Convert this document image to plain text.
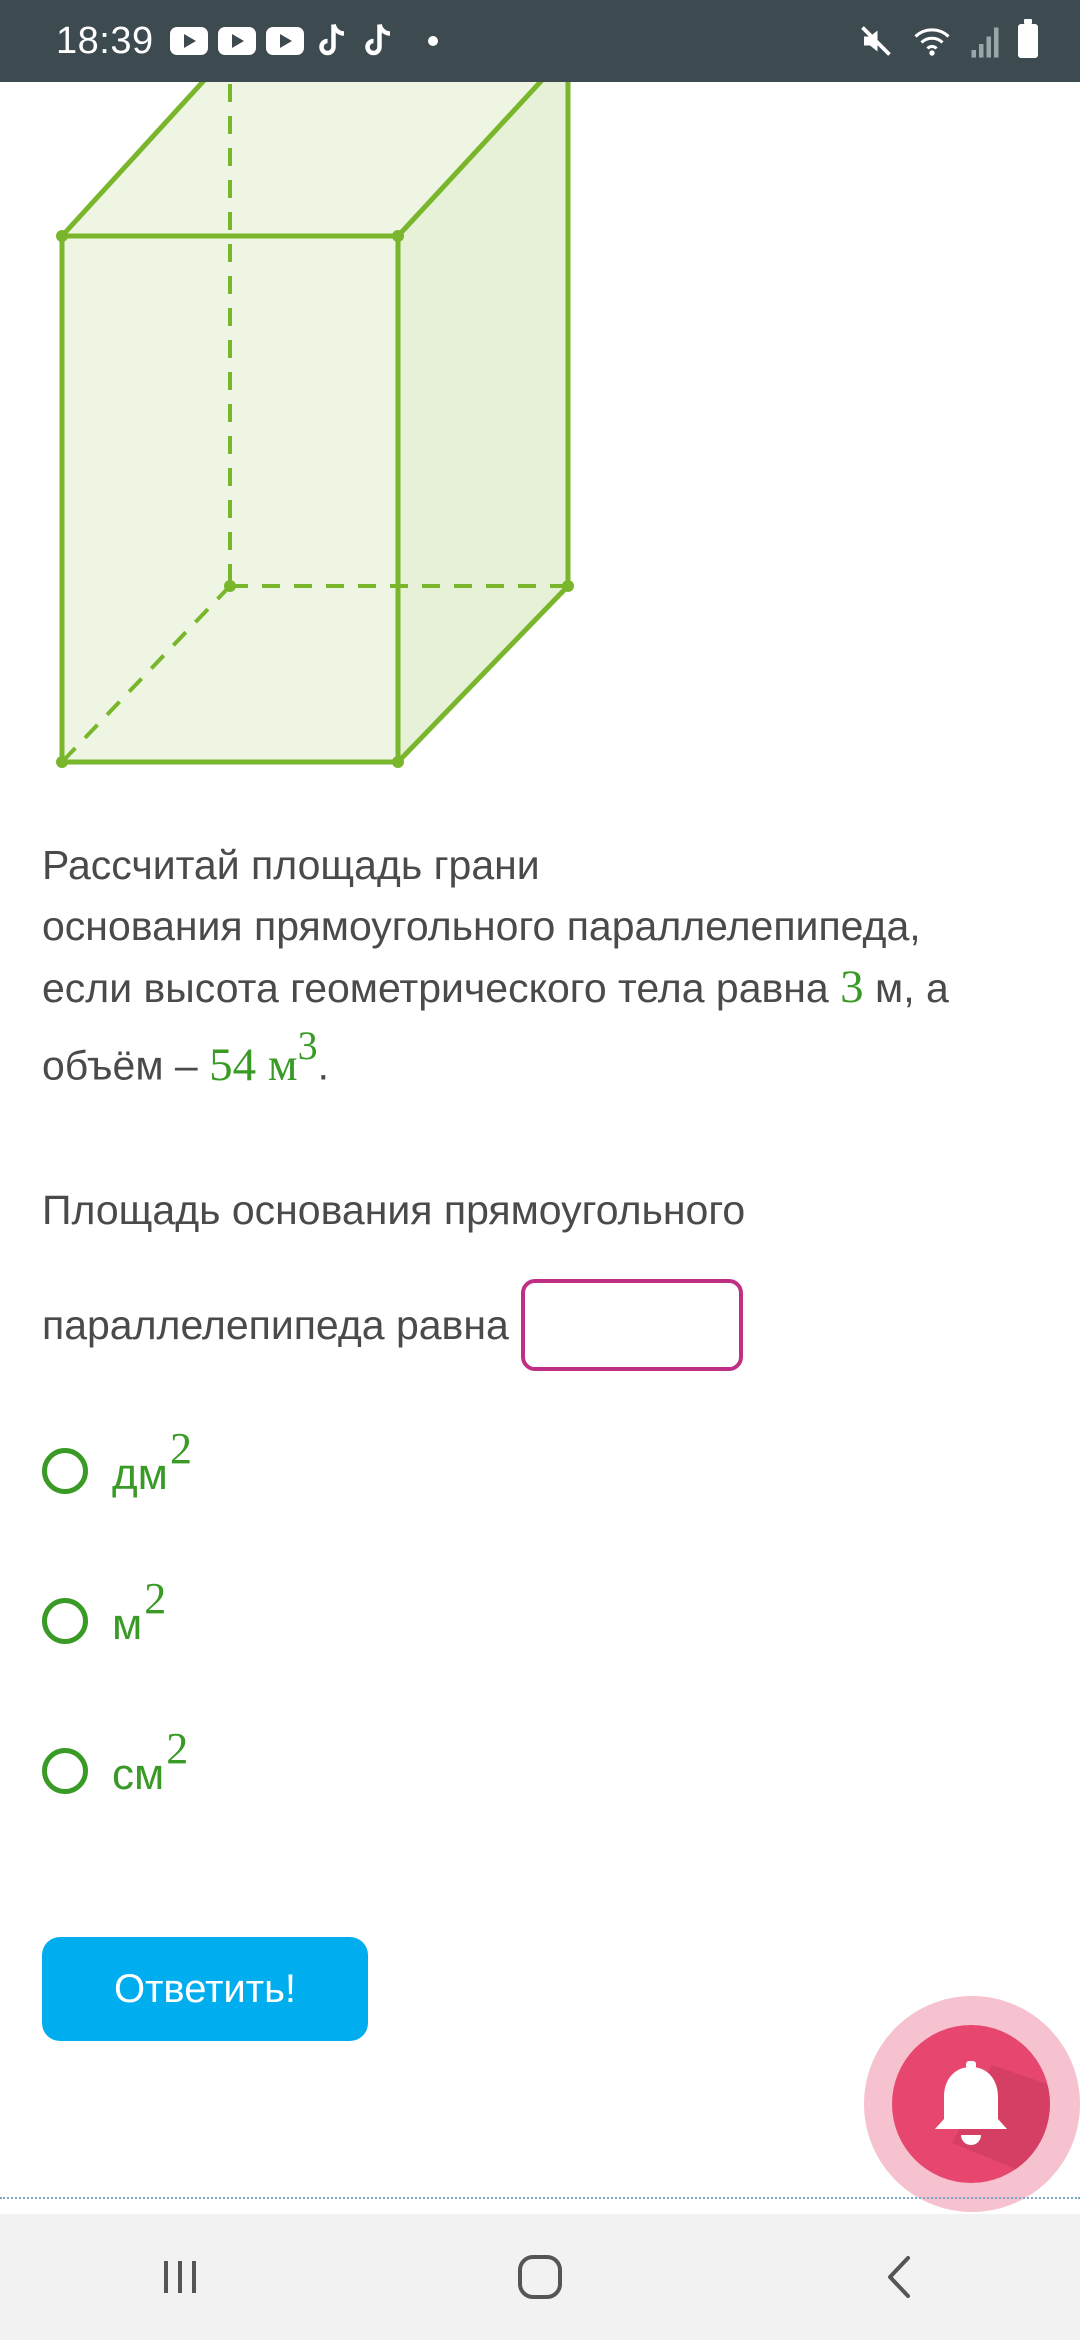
18:39
Рассчитай площадь грани
основания прямоугольного параллелепипеда,
если высота геометрического тела равна 3 м, а
объём – 54 $м^3$.
Площадь основания прямоугольного
параллелепипеда равна
дм2
м2
см2
Ответить!
